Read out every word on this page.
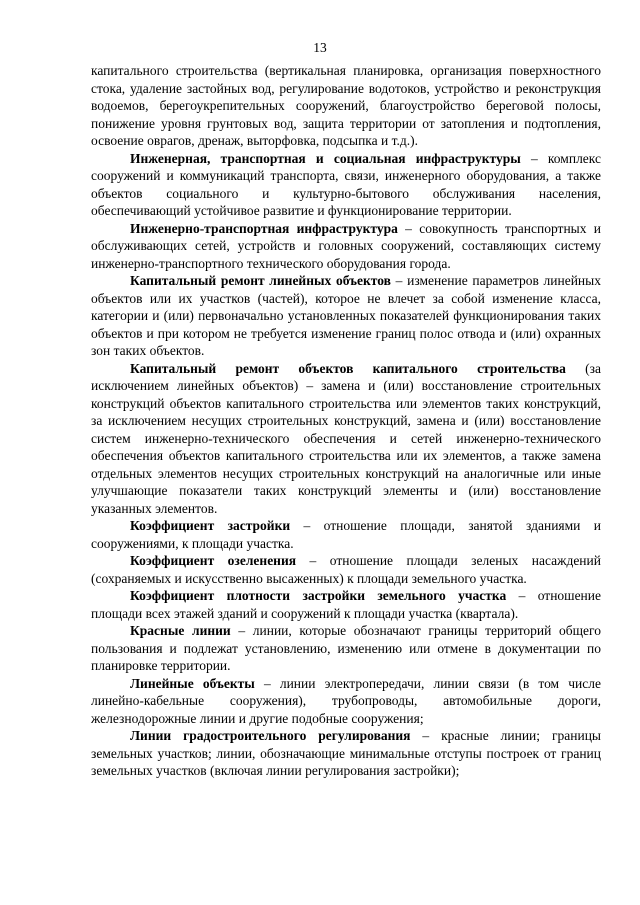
13

капитального строительства (вертикальная планировка, организация поверхностного стока, удаление застойных вод, регулирование водотоков, устройство и реконструкция водоемов, берегоукрепительных сооружений, благоустройство береговой полосы, понижение уровня грунтовых вод, защита территории от затопления и подтопления, освоение оврагов, дренаж, выторфовка, подсыпка и т.д.).

Инженерная, транспортная и социальная инфраструктуры – комплекс сооружений и коммуникаций транспорта, связи, инженерного оборудования, а также объектов социального и культурно-бытового обслуживания населения, обеспечивающий устойчивое развитие и функционирование территории.

Инженерно-транспортная инфраструктура – совокупность транспортных и обслуживающих сетей, устройств и головных сооружений, составляющих систему инженерно-транспортного технического оборудования города.

Капитальный ремонт линейных объектов – изменение параметров линейных объектов или их участков (частей), которое не влечет за собой изменение класса, категории и (или) первоначально установленных показателей функционирования таких объектов и при котором не требуется изменение границ полос отвода и (или) охранных зон таких объектов.

Капитальный ремонт объектов капитального строительства (за исключением линейных объектов) – замена и (или) восстановление строительных конструкций объектов капитального строительства или элементов таких конструкций, за исключением несущих строительных конструкций, замена и (или) восстановление систем инженерно-технического обеспечения и сетей инженерно-технического обеспечения объектов капитального строительства или их элементов, а также замена отдельных элементов несущих строительных конструкций на аналогичные или иные улучшающие показатели таких конструкций элементы и (или) восстановление указанных элементов.

Коэффициент застройки – отношение площади, занятой зданиями и сооружениями, к площади участка.

Коэффициент озеленения – отношение площади зеленых насаждений (сохраняемых и искусственно высаженных) к площади земельного участка.

Коэффициент плотности застройки земельного участка – отношение площади всех этажей зданий и сооружений к площади участка (квартала).

Красные линии – линии, которые обозначают границы территорий общего пользования и подлежат установлению, изменению или отмене в документации по планировке территории.

Линейные объекты – линии электропередачи, линии связи (в том числе линейно-кабельные сооружения), трубопроводы, автомобильные дороги, железнодорожные линии и другие подобные сооружения;

Линии градостроительного регулирования – красные линии; границы земельных участков; линии, обозначающие минимальные отступы построек от границ земельных участков (включая линии регулирования застройки);
